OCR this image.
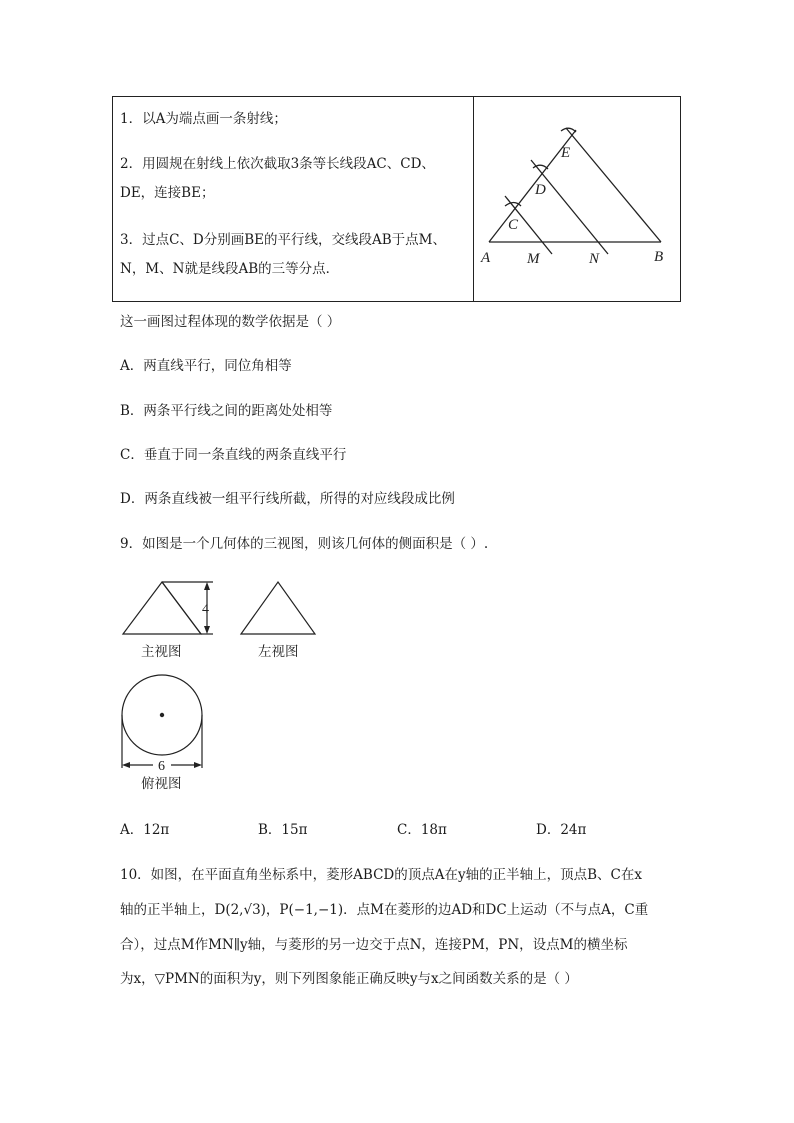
1．以A为端点画一条射线；
2．用圆规在射线上依次截取3条等长线段AC、CD、
DE，连接BE；
3．过点C、D分别画BE的平行线，交线段AB于点M、
N，M、N就是线段AB的三等分点．
A M	N	B
C
D
E
这一画图过程体现的数学依据是（ ）
A．两直线平行，同位角相等
B．两条平行线之间的距离处处相等
C．垂直于同一条直线的两条直线平行
D．两条直线被一组平行线所截，所得的对应线段成比例
9．如图是一个几何体的三视图，则该几何体的侧面积是（ ）.
4
6
主视图	左视图
俯视图
A．12π	B．15π	C．18π	D．24π
10．如图，在平面直角坐标系中，菱形ABCD的顶点A在y轴的正半轴上，顶点B、C在x
轴的正半轴上，D(2,√3)，P(−1,−1)．点M在菱形的边AD和DC上运动（不与点A，C重
合），过点M作MN∥y轴，与菱形的另一边交于点N，连接PM，PN，设点M的横坐标
为x，▽PMN的面积为y，则下列图象能正确反映y与x之间函数关系的是（ ）
